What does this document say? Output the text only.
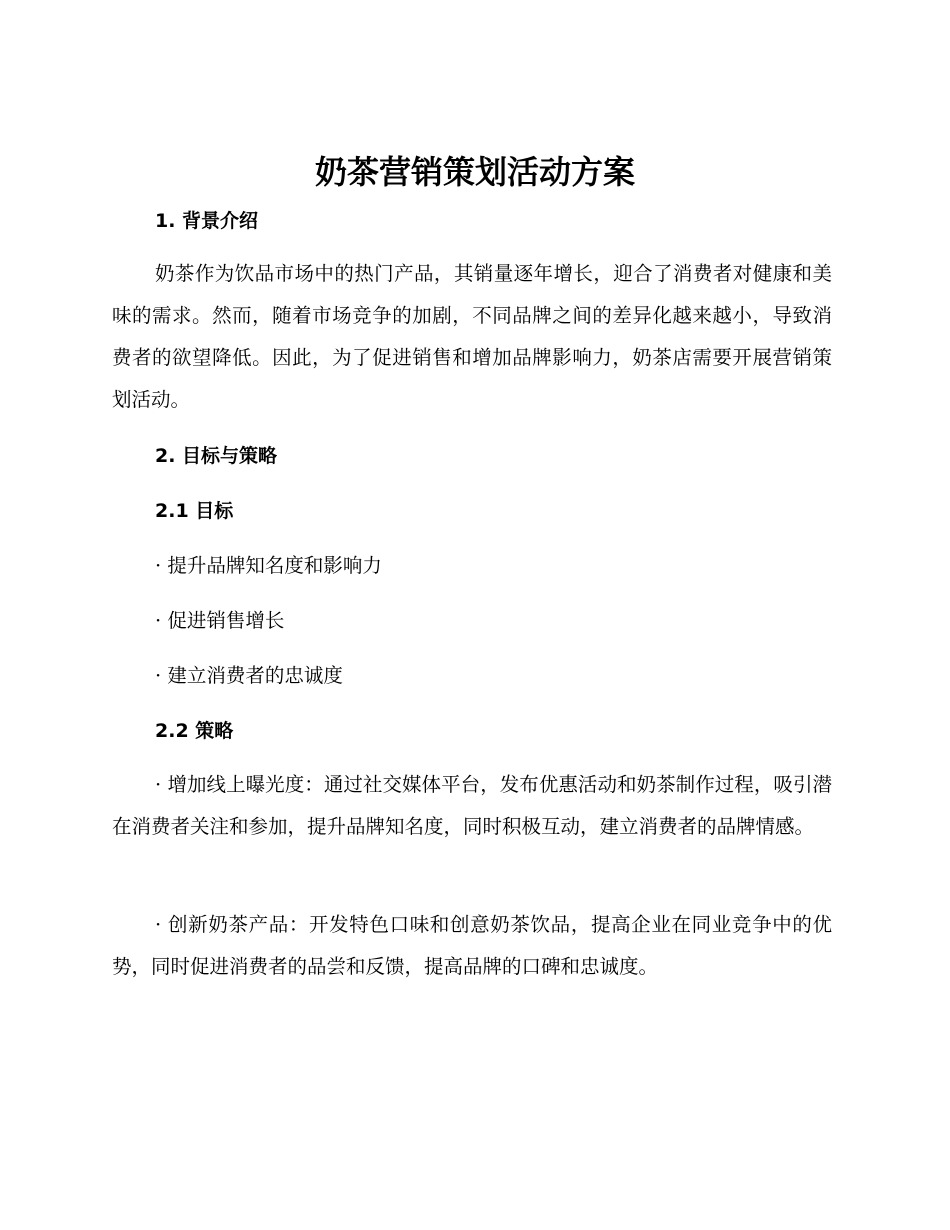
奶茶营销策划活动方案
1. 背景介绍

奶茶作为饮品市场中的热门产品，其销量逐年增长，迎合了消费者对健康和美味的需求。然而，随着市场竞争的加剧，不同品牌之间的差异化越来越小，导致消费者的欲望降低。因此，为了促进销售和增加品牌影响力，奶茶店需要开展营销策划活动。

2. 目标与策略
2.1 目标
· 提升品牌知名度和影响力
· 促进销售增长
· 建立消费者的忠诚度
2.2 策略

· 增加线上曝光度：通过社交媒体平台，发布优惠活动和奶茶制作过程，吸引潜在消费者关注和参加，提升品牌知名度，同时积极互动，建立消费者的品牌情感。

· 创新奶茶产品：开发特色口味和创意奶茶饮品，提高企业在同业竞争中的优势，同时促进消费者的品尝和反馈，提高品牌的口碑和忠诚度。
